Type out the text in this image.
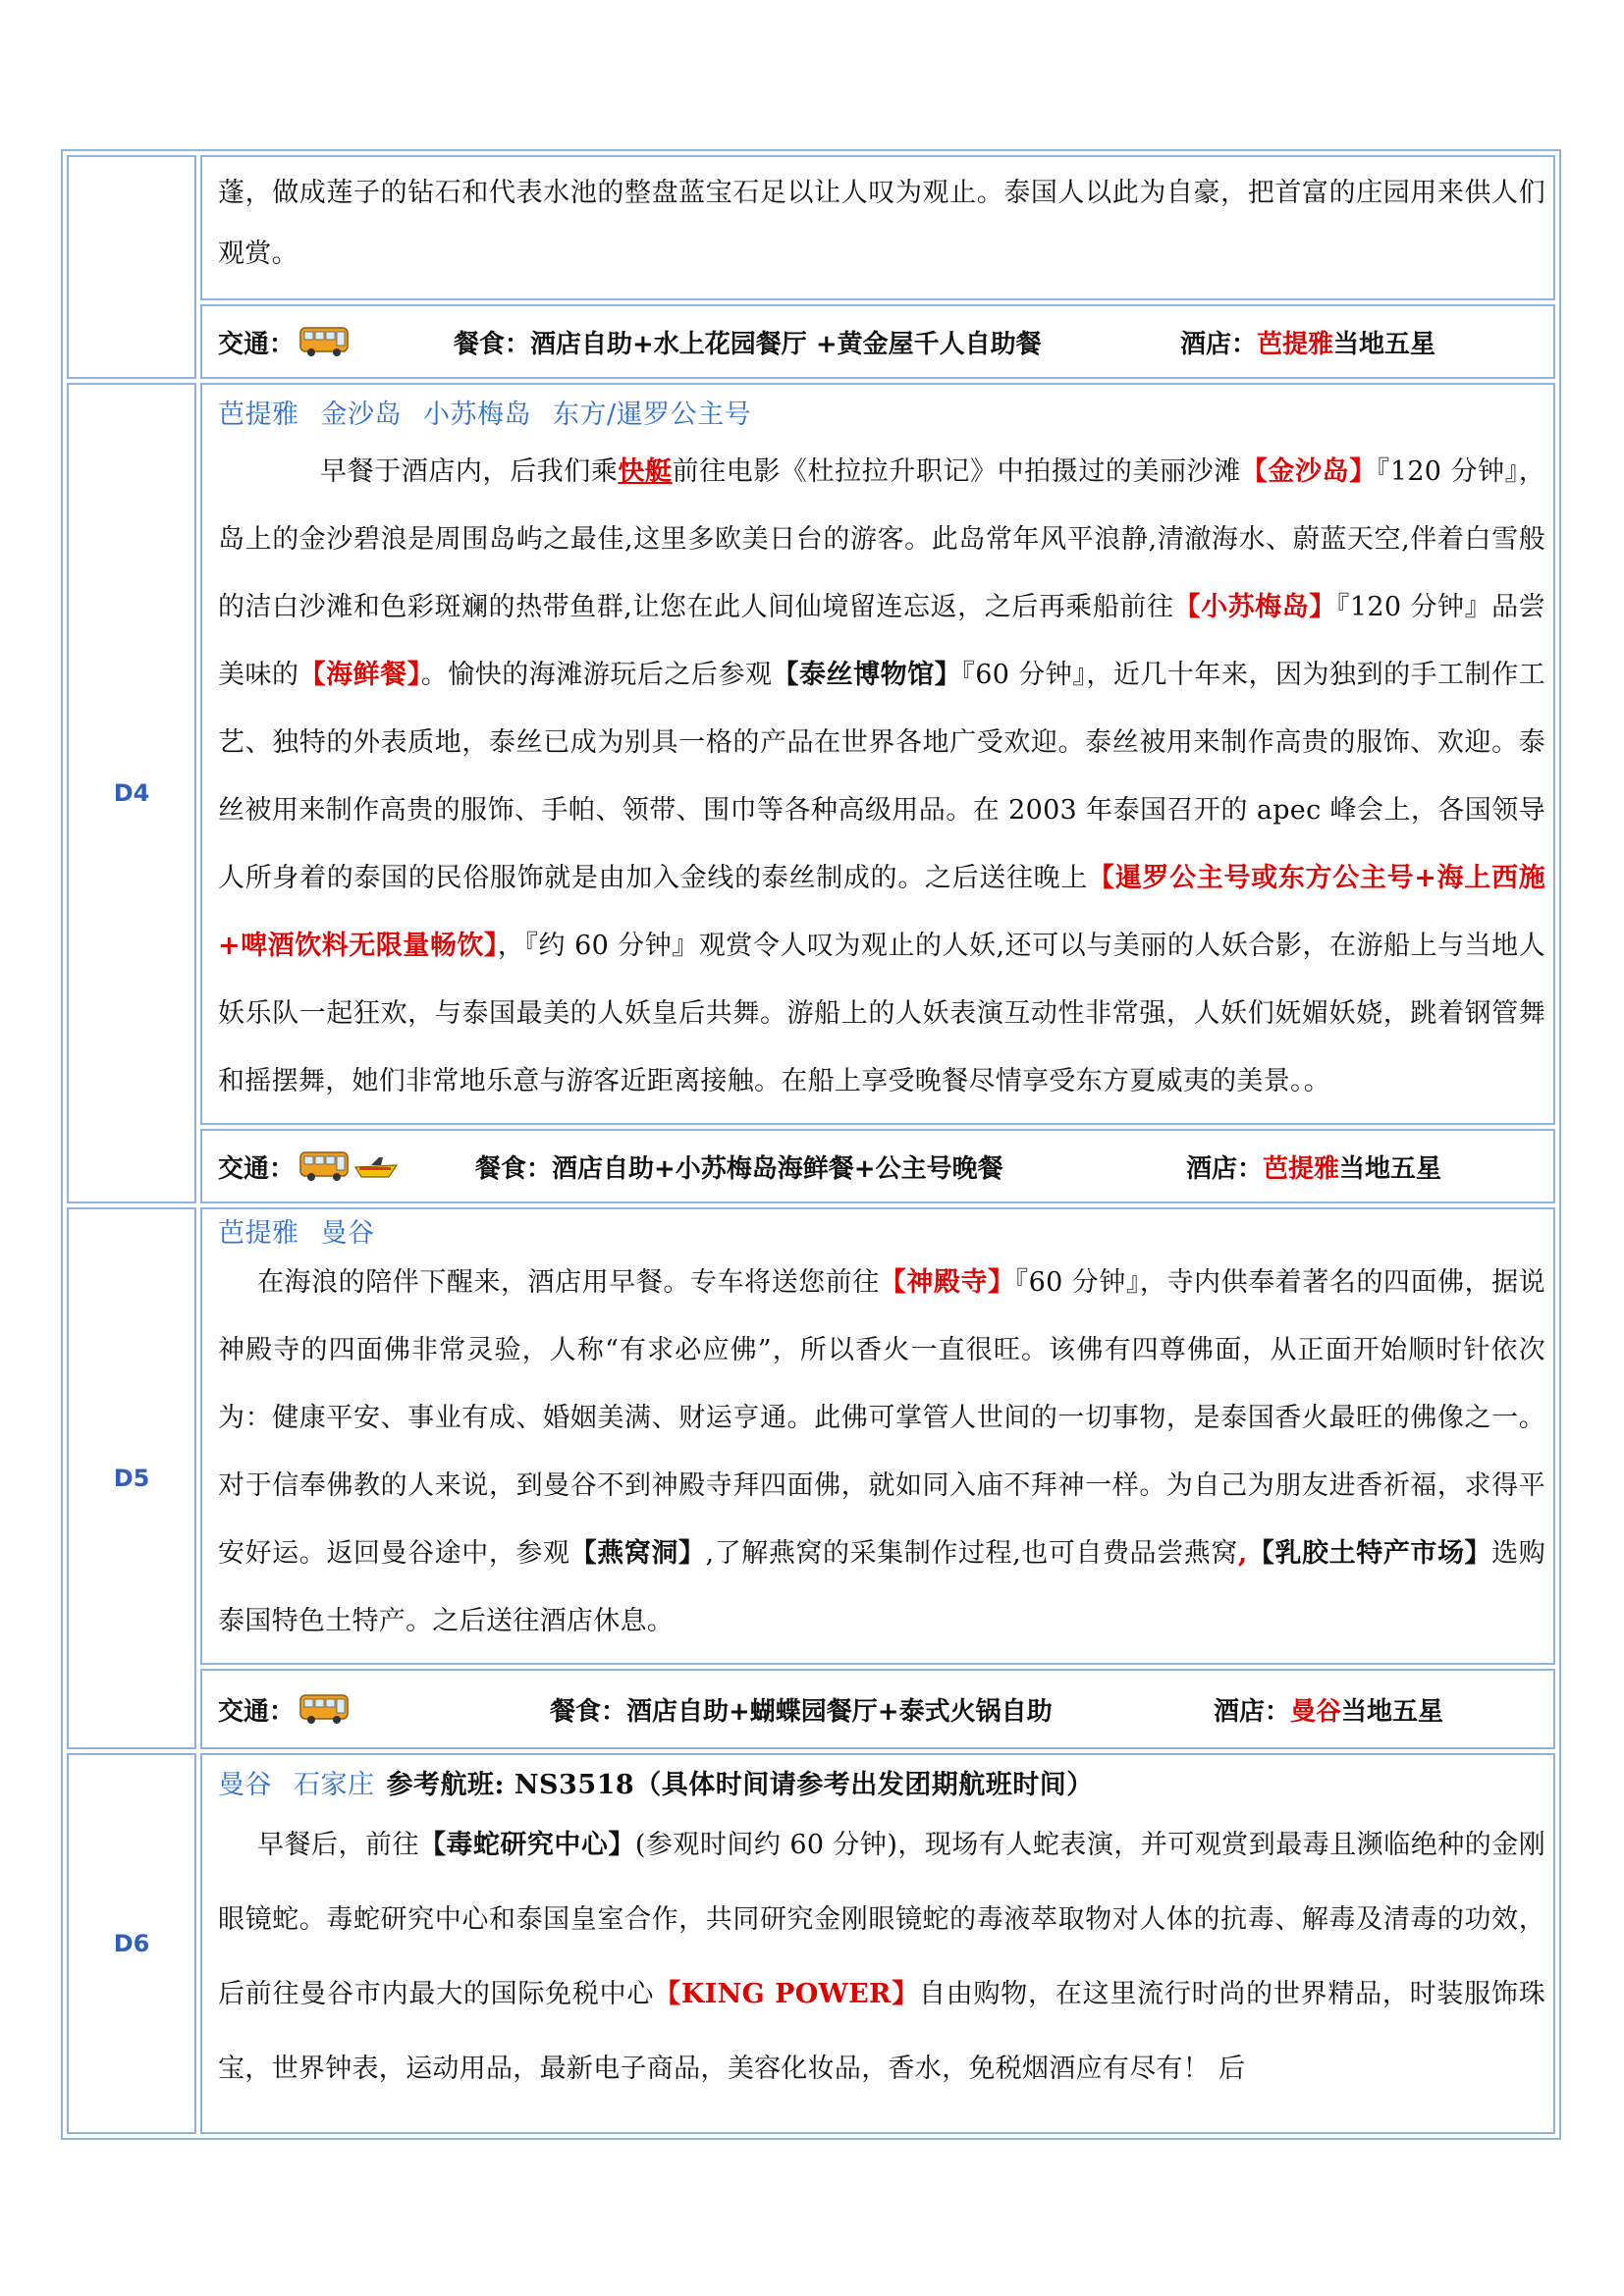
	蓬，做成莲子的钻石和代表水池的整盘蓝宝石足以让人叹为观止。泰国人以此为自豪，把首富的庄园用来供人们观赏。

	交通： 餐食：酒店自助+水上花园餐厅 +黄金屋千人自助餐 酒店：芭提雅当地五星

D4	芭提雅 金沙岛 小苏梅岛 东方/暹罗公主号
早餐于酒店内，后我们乘快艇前往电影《杜拉拉升职记》中拍摄过的美丽沙滩【金沙岛】『120 分钟』，岛上的金沙碧浪是周围岛屿之最佳,这里多欧美日台的游客。此岛常年风平浪静,清澈海水、蔚蓝天空,伴着白雪般的洁白沙滩和色彩斑斓的热带鱼群,让您在此人间仙境留连忘返，之后再乘船前往【小苏梅岛】『120 分钟』品尝美味的【海鲜餐】。愉快的海滩游玩后之后参观【泰丝博物馆】『60 分钟』，近几十年来，因为独到的手工制作工艺、独特的外表质地，泰丝已成为别具一格的产品在世界各地广受欢迎。泰丝被用来制作高贵的服饰、欢迎。泰丝被用来制作高贵的服饰、手帕、领带、围巾等各种高级用品。在 2003 年泰国召开的 apec 峰会上，各国领导人所身着的泰国的民俗服饰就是由加入金线的泰丝制成的。之后送往晚上【暹罗公主号或东方公主号+海上西施+啤酒饮料无限量畅饮】，『约 60 分钟』观赏令人叹为观止的人妖,还可以与美丽的人妖合影，在游船上与当地人妖乐队一起狂欢，与泰国最美的人妖皇后共舞。游船上的人妖表演互动性非常强，人妖们妩媚妖娆，跳着钢管舞和摇摆舞，她们非常地乐意与游客近距离接触。在船上享受晚餐尽情享受东方夏威夷的美景。。

	交通： 餐食：酒店自助+小苏梅岛海鲜餐+公主号晚餐 酒店：芭提雅当地五星

D5	芭提雅 曼谷
在海浪的陪伴下醒来，酒店用早餐。专车将送您前往【神殿寺】『60 分钟』，寺内供奉着著名的四面佛，据说神殿寺的四面佛非常灵验，人称“有求必应佛”，所以香火一直很旺。该佛有四尊佛面，从正面开始顺时针依次为：健康平安、事业有成、婚姻美满、财运亨通。此佛可掌管人世间的一切事物，是泰国香火最旺的佛像之一。对于信奉佛教的人来说，到曼谷不到神殿寺拜四面佛，就如同入庙不拜神一样。为自己为朋友进香祈福，求得平安好运。返回曼谷途中，参观【燕窝洞】,了解燕窝的采集制作过程,也可自费品尝燕窝,【乳胶土特产市场】选购泰国特色土特产。之后送往酒店休息。

	交通： 餐食：酒店自助+蝴蝶园餐厅+泰式火锅自助 酒店：曼谷当地五星

D6	曼谷 石家庄 参考航班: NS3518（具体时间请参考出发团期航班时间）
早餐后，前往【毒蛇研究中心】(参观时间约 60 分钟)，现场有人蛇表演，并可观赏到最毒且濒临绝种的金刚眼镜蛇。毒蛇研究中心和泰国皇室合作，共同研究金刚眼镜蛇的毒液萃取物对人体的抗毒、解毒及清毒的功效，后前往曼谷市内最大的国际免税中心【KING POWER】自由购物，在这里流行时尚的世界精品，时装服饰珠宝，世界钟表，运动用品，最新电子商品，美容化妆品，香水，免税烟酒应有尽有！ 后
